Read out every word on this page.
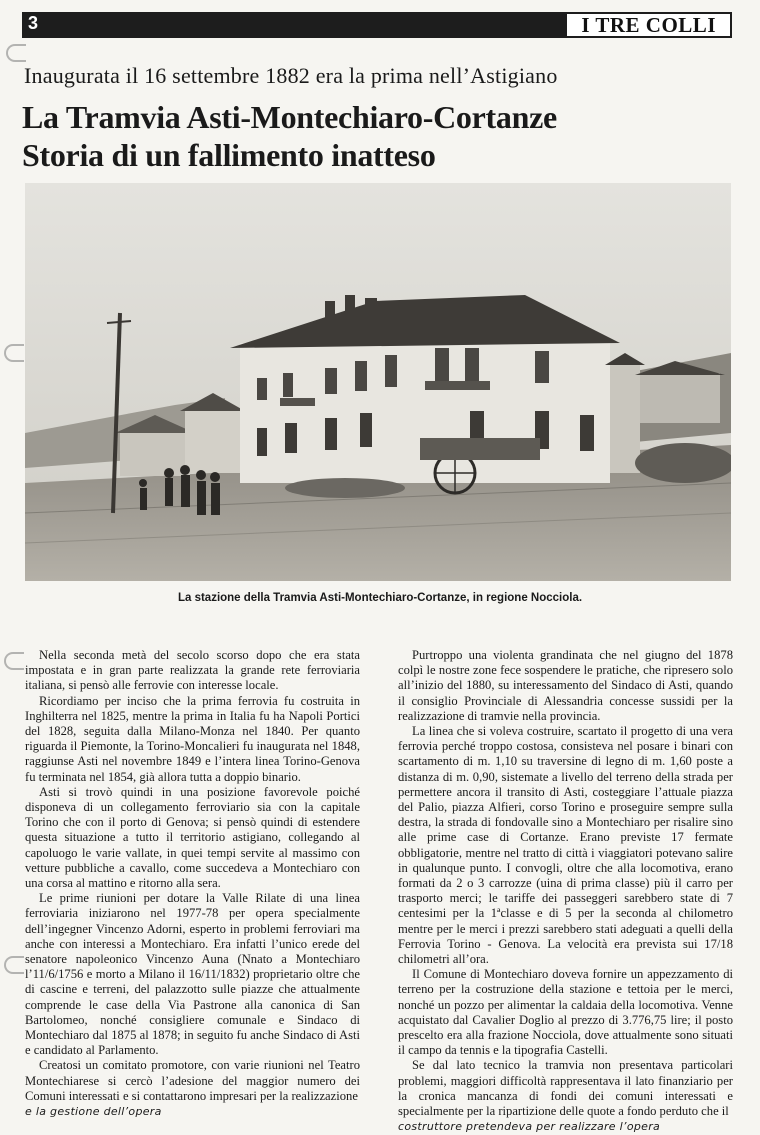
3	I TRE COLLI
Inaugurata il 16 settembre 1882 era la prima nell’Astigiano
La Tramvia Asti-Montechiaro-Cortanze
Storia di un fallimento inatteso
La stazione della Tramvia Asti-Montechiaro-Cortanze, in regione Nocciola.

Nella seconda metà del secolo scorso dopo che era stata impostata e in gran parte realizzata la grande rete ferroviaria italiana, si pensò alle ferrovie con interesse locale.

Ricordiamo per inciso che la prima ferrovia fu costruita in Inghilterra nel 1825, mentre la prima in Italia fu ha Napoli Portici del 1828, seguita dalla Milano-Monza nel 1840. Per quanto riguarda il Piemonte, la Torino-Moncalieri fu inaugurata nel 1848, raggiunse Asti nel novembre 1849 e l’intera linea Torino-Genova fu terminata nel 1854, già allora tutta a doppio binario.

Asti si trovò quindi in una posizione favorevole poiché disponeva di un collegamento ferroviario sia con la capitale Torino che con il porto di Genova; si pensò quindi di estendere questa situazione a tutto il territorio astigiano, collegando al capoluogo le varie vallate, in quei tempi servite al massimo con vetture pubbliche a cavallo, come succedeva a Montechiaro con una corsa al mattino e ritorno alla sera.

Le prime riunioni per dotare la Valle Rilate di una linea ferroviaria iniziarono nel 1977-78 per opera specialmente dell’ingegner Vincenzo Adorni, esperto in problemi ferroviari ma anche con interessi a Montechiaro. Era infatti l’unico erede del senatore napoleonico Vincenzo Auna (Nnato a Montechiaro l’11/6/1756 e morto a Milano il 16/11/1832) proprietario oltre che di cascine e terreni, del palazzotto sulle piazze che attualmente comprende le case della Via Pastrone alla canonica di San Bartolomeo, nonché consigliere comunale e Sindaco di Montechiaro dal 1875 al 1878; in seguito fu anche Sindaco di Asti e candidato al Parlamento.

Creatosi un comitato promotore, con varie riunioni nel Teatro Montechiarese si cercò l’adesione del maggior numero dei Comuni interessati e si contattarono impresari per la realizzazione

e la gestione dell’opera

Purtroppo una violenta grandinata che nel giugno del 1878 colpì le nostre zone fece sospendere le pratiche, che ripresero solo all’inizio del 1880, su interessamento del Sindaco di Asti, quando il consiglio Provinciale di Alessandria concesse sussidi per la realizzazione di tramvie nella provincia.

La linea che si voleva costruire, scartato il progetto di una vera ferrovia perché troppo costosa, consisteva nel posare i binari con scartamento di m. 1,10 su traversine di legno di m. 1,60 poste a distanza di m. 0,90, sistemate a livello del terreno della strada per permettere ancora il transito di Asti, costeggiare l’attuale piazza del Palio, piazza Alfieri, corso Torino e proseguire sempre sulla destra, la strada di fondovalle sino a Montechiaro per risalire sino alle prime case di Cortanze. Erano previste 17 fermate obbligatorie, mentre nel tratto di città i viaggiatori potevano salire in qualunque punto. I convogli, oltre che alla locomotiva, erano formati da 2 o 3 carrozze (uina di prima classe) più il carro per trasporto merci; le tariffe dei passeggeri sarebbero state di 7 centesimi per la 1ªclasse e di 5 per la seconda al chilometro mentre per le merci i prezzi sarebbero stati adeguati a quelli della Ferrovia Torino - Genova. La velocità era prevista sui 17/18 chilometri all’ora.

Il Comune di Montechiaro doveva fornire un appezzamento di terreno per la costruzione della stazione e tettoia per le merci, nonché un pozzo per alimentar la caldaia della locomotiva. Venne acquistato dal Cavalier Doglio al prezzo di 3.776,75 lire; il posto prescelto era alla frazione Nocciola, dove attualmente sono situati il campo da tennis e la tipografia Castelli.

Se dal lato tecnico la tramvia non presentava particolari problemi, maggiori difficoltà rappresentava il lato finanziario per la cronica mancanza di fondi dei comuni interessati e specialmente per la ripartizione delle quote a fondo perduto che il

costruttore pretendeva per realizzare l’opera
